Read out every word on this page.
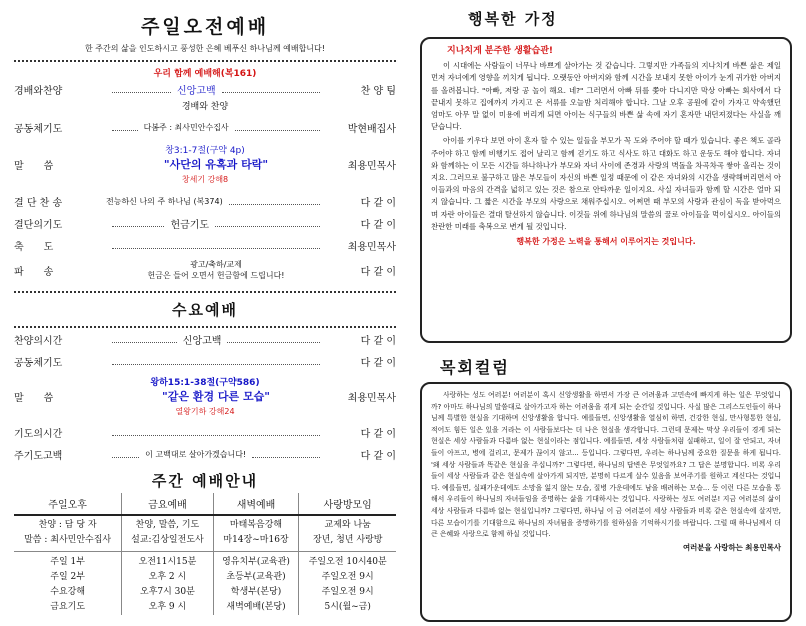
주일오전예배
한 주간의 삶을 인도하시고 풍성한 은혜 베푸신 하나님께 예배합니다!
우리 함께 예배해(복161)
경배와찬양	신앙고백	찬 양 팀
경배와 찬양
공동체기도	다봄주 : 최사민안수집사	박현배집사
창3:1-7절(구약 4p)
말　　씀	"사단의 유혹과 타락"	최용민목사
창세기 강해8
결 단 찬 송	전능하신 나의 주 하나님 (복374)	다 같 이
결단의기도	헌금기도	다 같 이
축　　도	최용민목사
파　　송
광고/축하/교제
헌금은 들어 오면서 헌금함에 드립니다!	다 같 이
수요예배
찬양의시간	신앙고백	다 같 이
공동체기도	다 같 이
왕하15:1-38절(구약586)
말　　씀	"같은 환경 다른 모습"	최용민목사
열왕기하 강해24
기도의시간	다 같 이
주기도고백	이 고백대로 살아가겠습니다!	다 같 이
주간 예배안내
주일오후	금요예배	새벽예배	사랑방모임
찬양 : 담 당 자	찬양, 말씀, 기도	마태복음강해	교제와 나눔
말씀 : 최사민안수집사	설교:김상일전도사	마14장~마16장	장년, 청년 사랑방
주일 1부	오전11시15분	영유치부(교육관)	주일오전 10시40분
주일 2부	오후 2 시	초등부(교육관)	주일오전 9시
수요강해	오후7시 30분	학생부(본당)	주일오전 9시
금요기도	오후 9 시	새벽예배(본당)	5시(월~금)
행복한 가정
지나치게 분주한 생활습관!

이 시대에는 사람들이 너무나 바쁘게 살아가는 것 같습니다. 그렇지만 가족들의 지나치게 바쁜 삶은 제일먼저 자녀에게 영향을 끼치게 됩니다. 오랫동안 아버지와 함께 시간을 보내지 못한 아이가 눈게 귀가한 아버지를 올려봅니다. "아빠, 저랑 공 놀이 해요. 네?" 그러면서 아빠 뒤를 쫓아 다니지만 막상 아빠는 회사에서 다 끝내지 못하고 집에까지 가지고 온 서류를 오늘밤 처리해야 합니다. 그날 오후 공원에 같이 가자고 약속했던 엄마도 아무 말 없이 미용에 버리게 되면 아이는 식구들의 바쁜 삶 속에 자기 혼자만 내던져졌다는 사실을 깨닫습니다.

아이를 키우다 보면 아이 혼자 할 수 있는 일들을 부모가 꼭 도와 주어야 할 때가 있습니다. 좋은 책도 골라 주어야 하고 함께 비행기도 접어 날리고 함께 걷기도 하고 식사도 하고 대화도 하고 운동도 해야 합니다. 자녀와 함께하는 이 모든 시간들 하나하나가 부모와 자녀 사이에 존경과 사랑의 벽돌을 차곡차곡 쌓아 올리는 것이지요. 그러므로 불구하고 많은 부모들이 자신의 바쁜 일정 때문에 이 같은 자녀와의 시간을 생략해버리면서 아이들과의 마음의 간격을 넓히고 있는 것은 참으로 안타까운 일이지요. 사실 자녀들과 함께 할 시간은 얼마 되지 않습니다. 그 짧은 시간을 부모의 사랑으로 채워주십시오. 어쩌면 때 부모의 사랑과 관심이 독을 받아먹으며 자란 아이들은 결대 탈선하지 않습니다. 이것들 위에 하나님의 말씀의 꿀로 아이들을 먹이십시오. 아이들의 찬란한 미래를 축복으로 변게 될 것입니다.

행복한 가정은 노력을 통해서 이루어지는 것입니다.
목회컬럼

사랑하는 성도 여러분! 여러분이 혹시 신앙생활을 하면서 가장 큰 어려움과 고민속에 빠지게 하는 일은 무엇입니까? 아마도 하나님의 말씀대로 살아가고자 하는 어려움을 겪게 되는 순간일 것입니다. 사실 많은 그리스도인들이 하나님께 특별한 현실을 기대하며 신앙생활을 합니다. 예를들면, 신앙생활을 열심히 하면, 건강한 현실, 만사형통한 현실, 적어도 힘든 일은 있을 거라는 이 사람들보다는 더 나은 현실을 생각합니다. 그런데 문제는 막상 우리들이 경게 되는 현실은 세상 사람들과 다름바 없는 현실이라는 점입니다. 예를들면, 세상 사람들처럼 실패하고, 일이 잘 안되고, 자녀들이 아프고, 병에 걸리고, 문제가 끊이지 않고... 등입니다. 그렇다면, 우리는 하나님께 중요한 질문을 하게 됩니다. '왜 세상 사람들과 똑같은 현실을 주십니까?' 그렇다면, 하나님의 답변은 무엇일까요? 그 답은 분명합니다. 비록 우리들이 세상 사람들과 같은 현실속에 살아가게 되지만, 분명히 다르게 살수 있음을 보여주기를 원하고 계신다는 것입니다. 예를들면, 실패가운데에도 소망을 잃지 않는 모습, 질병 가운데에도 남을 배려하는 모습... 등 이런 다른 모습을 통해서 우리들이 하나님의 자녀들임을 증명하는 삶을 기대하시는 것입니다. 사랑하는 성도 여러분! 지금 여러분의 삶이 세상 사람들과 다름바 없는 현실입니까? 그렇다면, 하나님 이 금 여러분이 세상 사람들과 비록 같은 현실속에 살지만, 다른 모습이기를 기대함으로 하나님의 자녀됨을 증명하기를 원하심을 기억하시기를 바랍니다. 그럴 때 하나님께서 더 큰 은혜와 사랑으로 함께 하실 것입니다.

여러분을 사랑하는 최용민목사
